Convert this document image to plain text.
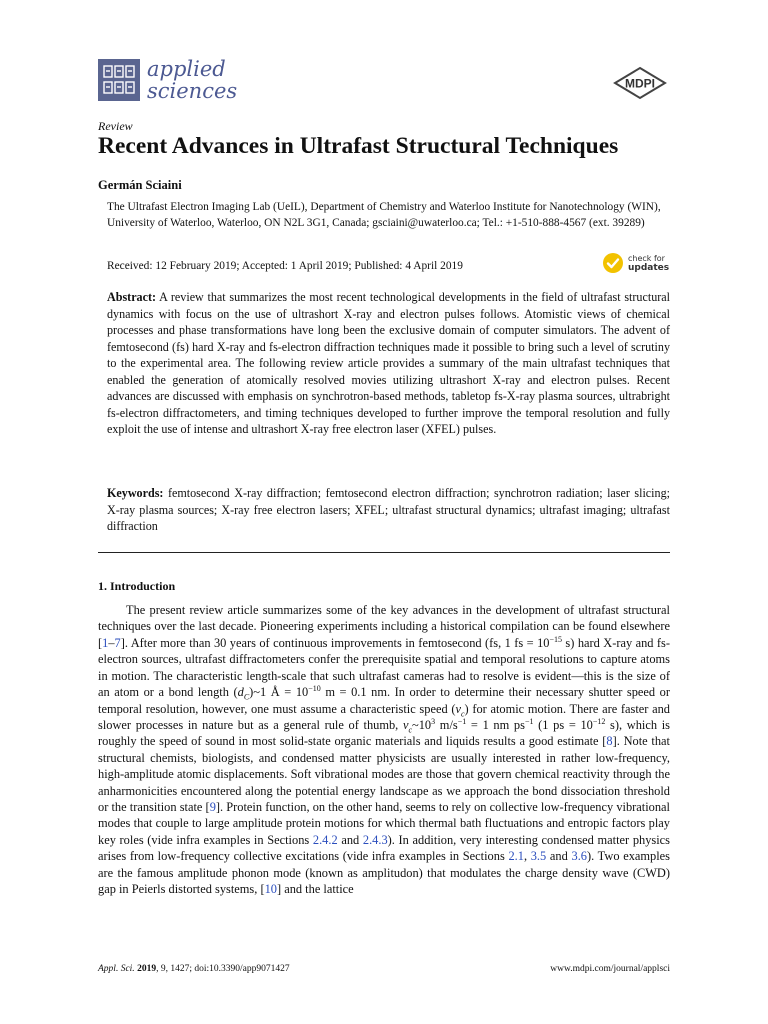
applied
sciences	MDPI
Review
Recent Advances in Ultrafast Structural Techniques
Germán Sciaini
The Ultrafast Electron Imaging Lab (UeIL), Department of Chemistry and Waterloo Institute for Nanotechnology (WIN), University of Waterloo, Waterloo, ON N2L 3G1, Canada; gsciaini@uwaterloo.ca; Tel.: +1-510-888-4567 (ext. 39289)
Received: 12 February 2019; Accepted: 1 April 2019; Published: 4 April 2019
check for
updates
Abstract: A review that summarizes the most recent technological developments in the field of ultrafast structural dynamics with focus on the use of ultrashort X-ray and electron pulses follows. Atomistic views of chemical processes and phase transformations have long been the exclusive domain of computer simulators. The advent of femtosecond (fs) hard X-ray and fs-electron diffraction techniques made it possible to bring such a level of scrutiny to the experimental area. The following review article provides a summary of the main ultrafast techniques that enabled the generation of atomically resolved movies utilizing ultrashort X-ray and electron pulses. Recent advances are discussed with emphasis on synchrotron-based methods, tabletop fs-X-ray plasma sources, ultrabright fs-electron diffractometers, and timing techniques developed to further improve the temporal resolution and fully exploit the use of intense and ultrashort X-ray free electron laser (XFEL) pulses.
Keywords: femtosecond X-ray diffraction; femtosecond electron diffraction; synchrotron radiation; laser slicing; X-ray plasma sources; X-ray free electron lasers; XFEL; ultrafast structural dynamics; ultrafast imaging; ultrafast diffraction
1. Introduction

The present review article summarizes some of the key advances in the development of ultrafast structural techniques over the last decade. Pioneering experiments including a historical compilation can be found elsewhere [1–7]. After more than 30 years of continuous improvements in femtosecond (fs, 1 fs = $10^{-15}$ s) hard X-ray and fs-electron sources, ultrafast diffractometers confer the prerequisite spatial and temporal resolutions to capture atoms in motion. The characteristic length-scale that such ultrafast cameras had to resolve is evident—this is the size of an atom or a bond length $(d_C)\sim 1$ Å = $10^{-10}$ m = 0.1 nm. In order to determine their necessary shutter speed or temporal resolution, however, one must assume a characteristic speed $(v_c)$ for atomic motion. There are faster and slower processes in nature but as a general rule of thumb, $v_c\sim 10^3$ $m/s^{-1} = 1$ nm $ps^{-1}$ (1 ps = $10^{-12}$ s), which is roughly the speed of sound in most solid-state organic materials and liquids results a good estimate [8]. Note that structural chemists, biologists, and condensed matter physicists are usually interested in rather low-frequency, high-amplitude atomic displacements. Soft vibrational modes are those that govern chemical reactivity through the anharmonicities encountered along the potential energy landscape as we approach the bond dissociation threshold or the transition state [9]. Protein function, on the other hand, seems to rely on collective low-frequency vibrational modes that couple to large amplitude protein motions for which thermal bath fluctuations and entropic factors play key roles (vide infra examples in Sections 2.4.2 and 2.4.3). In addition, very interesting condensed matter physics arises from low-frequency collective excitations (vide infra examples in Sections 2.1, 3.5 and 3.6). Two examples are the famous amplitude phonon mode (known as amplitudon) that modulates the charge density wave (CWD) gap in Peierls distorted systems, [10] and the lattice

Appl. Sci. 2019, 9, 1427; doi:10.3390/app9071427	www.mdpi.com/journal/applsci
